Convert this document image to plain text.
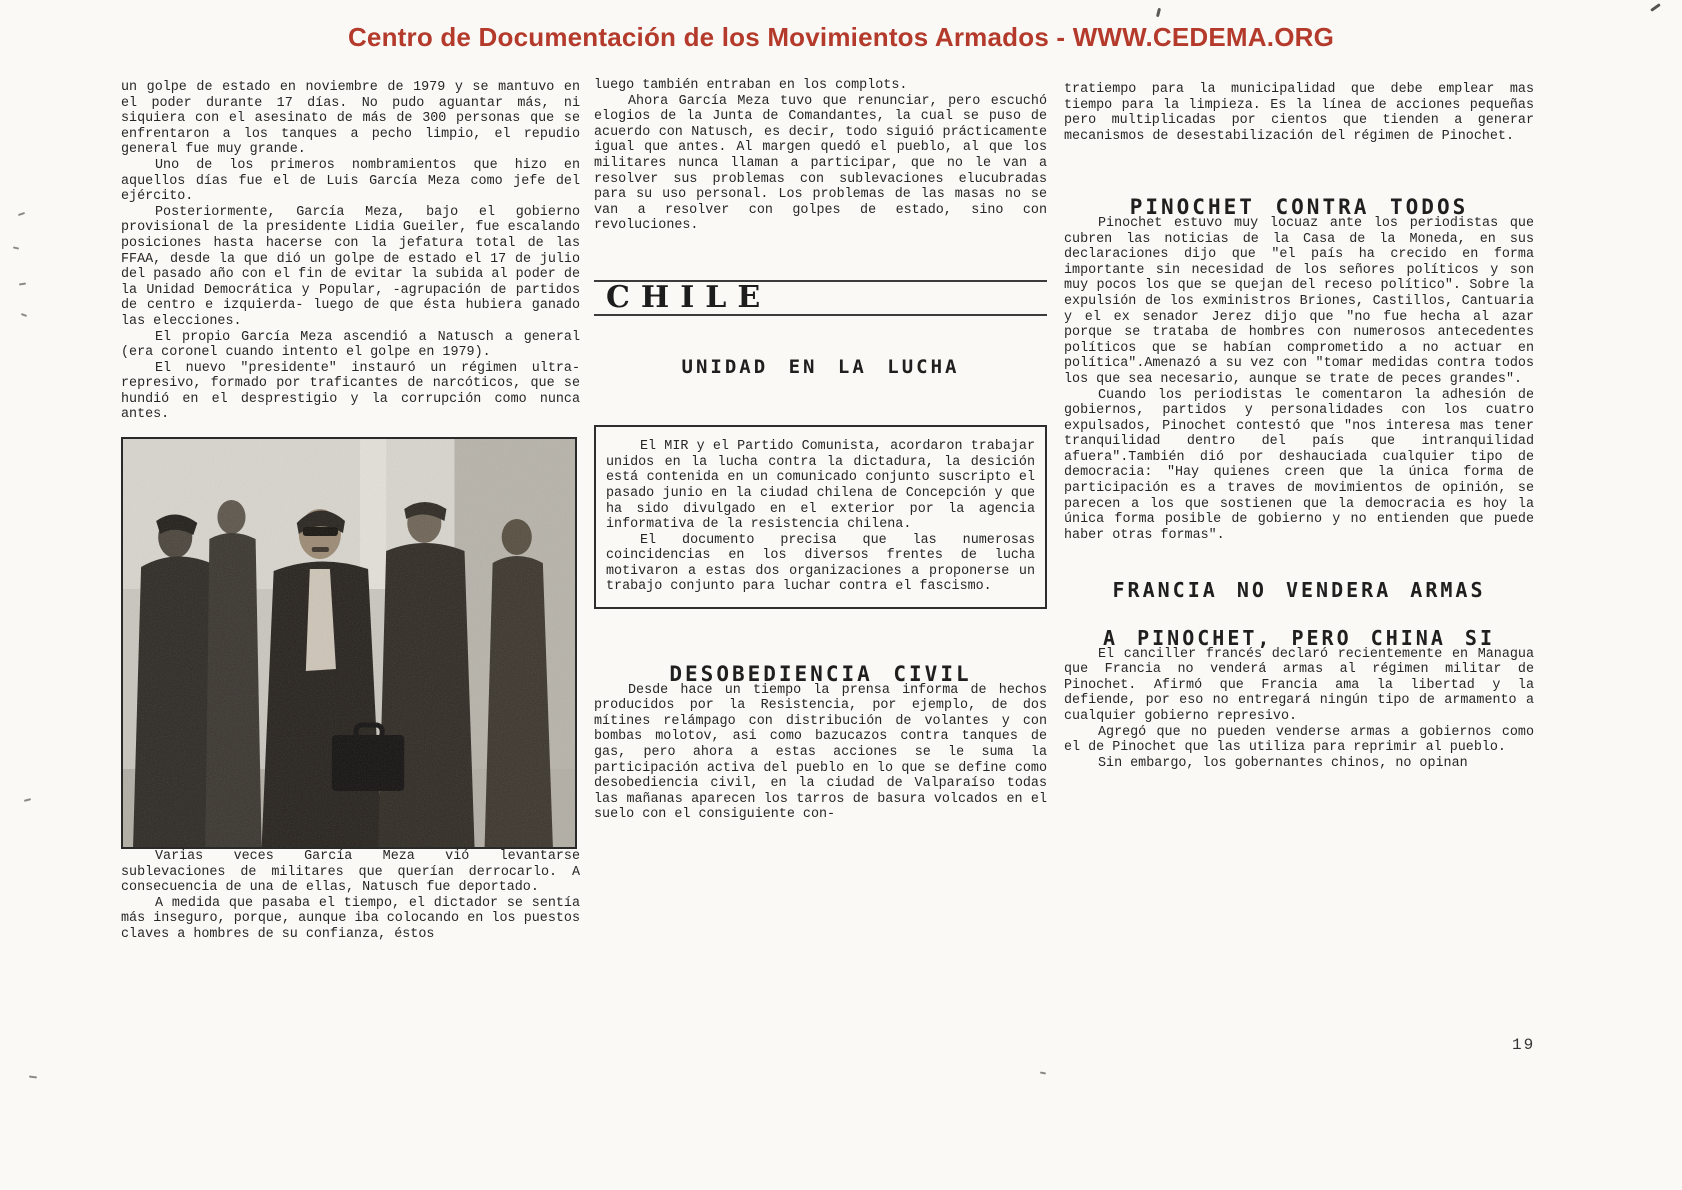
Centro de Documentación de los Movimientos Armados - WWW.CEDEMA.ORG

un golpe de estado en noviembre de 1979 y se mantuvo en el poder durante 17 días. No pudo aguantar más, ni siquiera con el asesinato de más de 300 personas que se enfrentaron a los tanques a pecho limpio, el repudio general fue muy grande.

Uno de los primeros nombramientos que hizo en aquellos días fue el de Luis García Meza como jefe del ejército.

Posteriormente, García Meza, bajo el gobierno provisional de la presidente Lidia Gueiler, fue escalando posiciones hasta hacerse con la jefatura total de las FFAA, desde la que dió un golpe de estado el 17 de julio del pasado año con el fin de evitar la subida al poder de la Unidad Democrática y Popular, -agrupación de partidos de centro e izquierda- luego de que ésta hubiera ganado las elecciones.

El propio García Meza ascendió a Natusch a general (era coronel cuando intento el golpe en 1979).

El nuevo "presidente" instauró un régimen ultra-represivo, formado por traficantes de narcóticos, que se hundió en el desprestigio y la corrupción como nunca antes.

Varias veces García Meza vió levantarse sublevaciones de militares que querían derrocarlo. A consecuencia de una de ellas, Natusch fue deportado.

A medida que pasaba el tiempo, el dictador se sentía más inseguro, porque, aunque iba colocando en los puestos claves a hombres de su confianza, éstos

luego también entraban en los complots.

Ahora García Meza tuvo que renunciar, pero escuchó elogios de la Junta de Comandantes, la cual se puso de acuerdo con Natusch, es decir, todo siguió prácticamente igual que antes. Al margen quedó el pueblo, al que los militares nunca llaman a participar, que no le van a resolver sus problemas con sublevaciones elucubradas para su uso personal. Los problemas de las masas no se van a resolver con golpes de estado, sino con revoluciones.

CHILE
UNIDAD EN LA LUCHA

El MIR y el Partido Comunista, acordaron trabajar unidos en la lucha contra la dictadura, la desición está contenida en un comunicado conjunto suscripto el pasado junio en la ciudad chilena de Concepción y que ha sido divulgado en el exterior por la agencia informativa de la resistencia chilena.

El documento precisa que las numerosas coincidencias en los diversos frentes de lucha motivaron a estas dos organizaciones a proponerse un trabajo conjunto para luchar contra el fascismo.

DESOBEDIENCIA CIVIL

Desde hace un tiempo la prensa informa de hechos producidos por la Resistencia, por ejemplo, de dos mítines relámpago con distribución de volantes y con bombas molotov, asi como bazucazos contra tanques de gas, pero ahora a estas acciones se le suma la participación activa del pueblo en lo que se define como desobediencia civil, en la ciudad de Valparaíso todas las mañanas aparecen los tarros de basura volcados en el suelo con el consiguiente con-

tratiempo para la municipalidad que debe emplear mas tiempo para la limpieza. Es la línea de acciones pequeñas pero multiplicadas por cientos que tienden a generar mecanismos de desestabilización del régimen de Pinochet.

PINOCHET CONTRA TODOS

Pinochet estuvo muy locuaz ante los periodistas que cubren las noticias de la Casa de la Moneda, en sus declaraciones dijo que "el país ha crecido en forma importante sin necesidad de los señores políticos y son muy pocos los que se quejan del receso político". Sobre la expulsión de los exministros Briones, Castillos, Cantuaria y el ex senador Jerez dijo que "no fue hecha al azar porque se trataba de hombres con numerosos antecedentes políticos que se habían comprometido a no actuar en política".Amenazó a su vez con "tomar medidas contra todos los que sea necesario, aunque se trate de peces grandes".

Cuando los periodistas le comentaron la adhesión de gobiernos, partidos y personalidades con los cuatro expulsados, Pinochet contestó que "nos interesa mas tener tranquilidad dentro del país que intranquilidad afuera".También dió por deshauciada cualquier tipo de democracia: "Hay quienes creen que la única forma de participación es a traves de movimientos de opinión, se parecen a los que sostienen que la democracia es hoy la única forma posible de gobierno y no entienden que puede haber otras formas".

FRANCIA NO VENDERA ARMAS
A PINOCHET, PERO CHINA SI

El canciller francés declaró recientemente en Managua que Francia no venderá armas al régimen militar de Pinochet. Afirmó que Francia ama la libertad y la defiende, por eso no entregará ningún tipo de armamento a cualquier gobierno represivo.

Agregó que no pueden venderse armas a gobiernos como el de Pinochet que las utiliza para reprimir al pueblo.

Sin embargo, los gobernantes chinos, no opinan

19
